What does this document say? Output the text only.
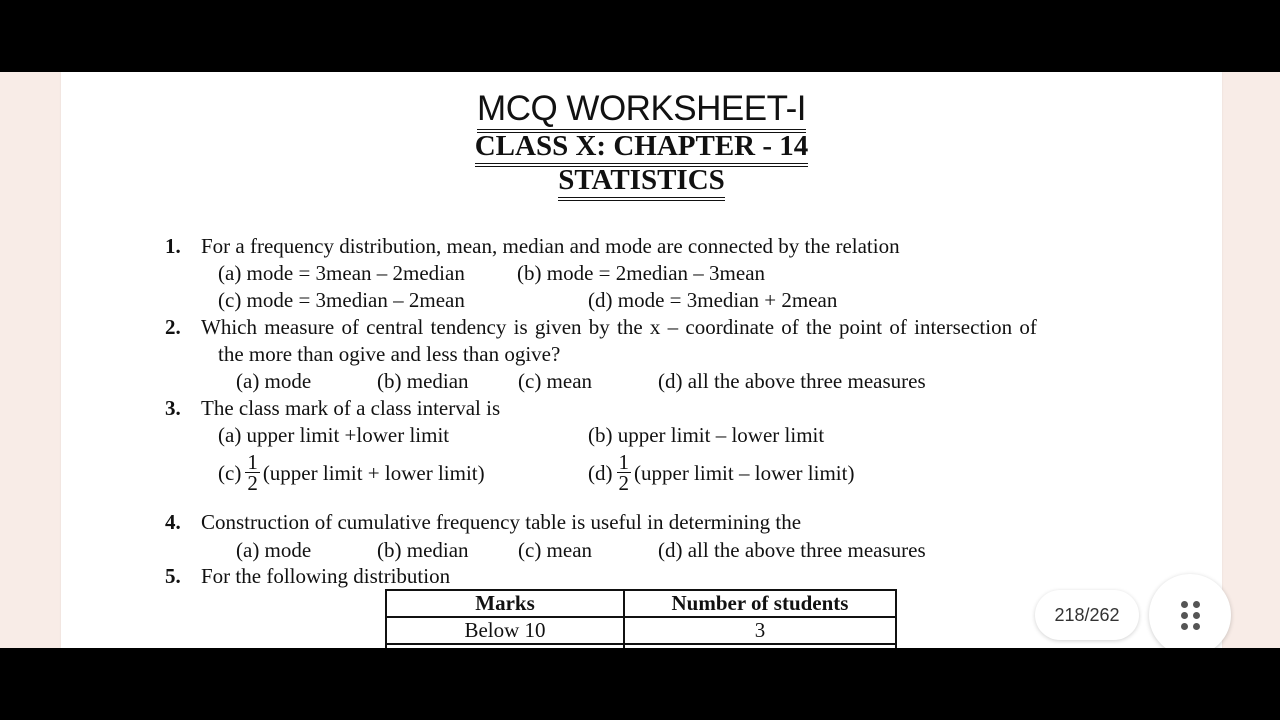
MCQ WORKSHEET-I
CLASS X: CHAPTER - 14
STATISTICS
1. For a frequency distribution, mean, median and mode are connected by the relation
(a) mode = 3mean – 2median (b) mode = 2median – 3mean
(c) mode = 3median – 2mean	(d) mode = 3median + 2mean
2. Which measure of central tendency is given by the x – coordinate of the point of intersection of
the more than ogive and less than ogive?
(a) mode	(b) median (c) mean	(d) all the above three measures
3. The class mark of a class interval is
(a) upper limit +lower limit	(b) upper limit – lower limit
$(c) \frac{1}{2}$ (upper limit + lower limit)	$(d) \frac{1}{2}$ (upper limit – lower limit)
4. Construction of cumulative frequency table is useful in determining the
(a) mode	(b) median (c) mean	(d) all the above three measures
5. For the following distribution
Marks	Number of students
Below 10	3

218/262
